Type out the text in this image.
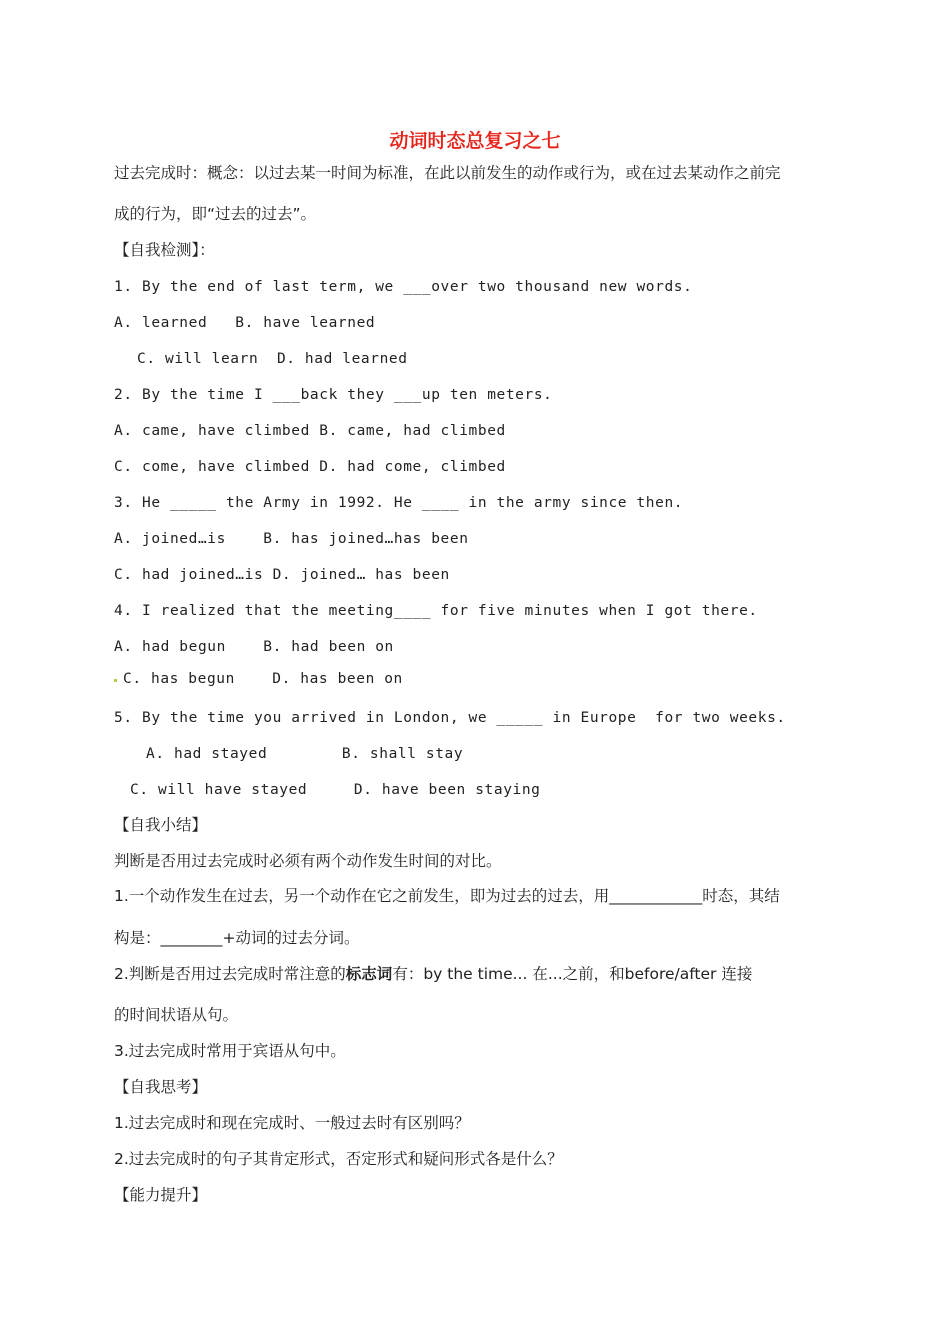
动词时态总复习之七
过去完成时：概念：以过去某一时间为标准，在此以前发生的动作或行为，或在过去某动作之前完
成的行为，即“过去的过去”。
【自我检测】：
1. By the end of last term, we ___over two thousand new words.
A. learned   B. have learned
C. will learn  D. had learned
2. By the time I ___back they ___up ten meters.
A. came, have climbed B. came, had climbed
C. come, have climbed D. had come, climbed
3. He _____ the Army in 1992. He ____ in the army since then.
A. joined…is    B. has joined…has been
C. had joined…is D. joined… has been
4. I realized that the meeting____ for five minutes when I got there.
A. had begun    B. had been on
C. has begun    D. has been on
5. By the time you arrived in London, we _____ in Europe  for two weeks.
A. had stayed        B. shall stay
C. will have stayed     D. have been staying
【自我小结】
判断是否用过去完成时必须有两个动作发生时间的对比。
1.一个动作发生在过去，另一个动作在它之前发生，即为过去的过去，用____________时态，其结
构是：________+动词的过去分词。
2.判断是否用过去完成时常注意的标志词有：by the time... 在...之前，和before/after 连接
的时间状语从句。
3.过去完成时常用于宾语从句中。
【自我思考】
1.过去完成时和现在完成时、一般过去时有区别吗？
2.过去完成时的句子其肯定形式，否定形式和疑问形式各是什么？
【能力提升】
